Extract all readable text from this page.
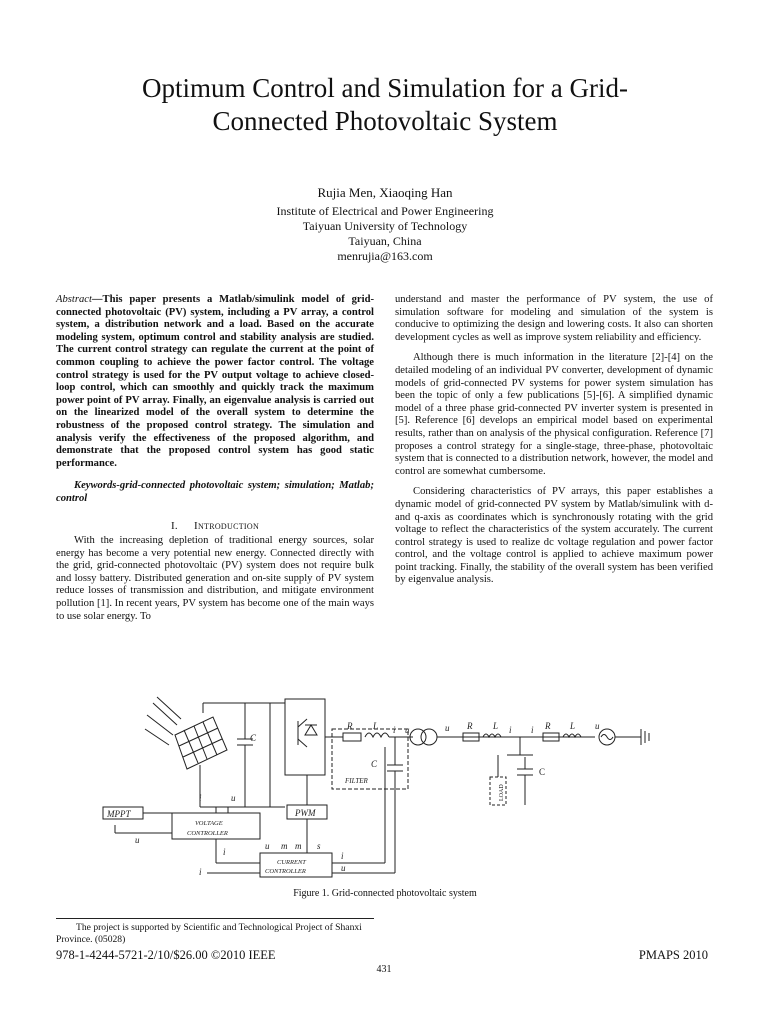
Optimum Control and Simulation for a Grid-
Connected Photovoltaic System
Rujia Men, Xiaoqing Han
Institute of Electrical and Power Engineering
Taiyuan University of Technology
Taiyuan, China
menrujia@163.com

Abstract—This paper presents a Matlab/simulink model of grid-connected photovoltaic (PV) system, including a PV array, a control system, a distribution network and a load. Based on the accurate modeling system, optimum control and stability analysis are studied. The current control strategy can regulate the current at the point of common coupling to achieve the power factor control. The voltage control strategy is used for the PV output voltage to achieve closed-loop control, which can smoothly and quickly track the maximum power point of PV array. Finally, an eigenvalue analysis is carried out on the linearized model of the overall system to determine the robustness of the proposed control strategy. The simulation and analysis verify the effectiveness of the proposed algorithm, and demonstrate that the proposed control system has good static performance.

Keywords-grid-connected photovoltaic system; simulation; Matlab; control

I. Introduction

With the increasing depletion of traditional energy sources, solar energy has become a very potential new energy. Connected directly with the grid, grid-connected photovoltaic (PV) system does not require bulk and lossy battery. Distributed generation and on-site supply of PV system reduce losses of transmission and distribution, and mitigate environment pollution [1]. In recent years, PV system has become one of the main ways to use solar energy. To

understand and master the performance of PV system, the use of simulation software for modeling and simulation of the system is conducive to optimizing the design and lowering costs. It also can shorten development cycles as well as improve system reliability and efficiency.

Although there is much information in the literature [2]-[4] on the detailed modeling of an individual PV converter, development of dynamic models of grid-connected PV systems for power system simulation has been the topic of only a few publications [5]-[6]. A simplified dynamic model of a three phase grid-connected PV inverter system is presented in [5]. Reference [6] develops an empirical model based on experimental results, rather than on analysis of the physical configuration. Reference [7] proposes a control strategy for a single-stage, three-phase, photovoltaic system that is connected to a distribution network, however, the model and control are somewhat cumbersome.

Considering characteristics of PV arrays, this paper establishes a dynamic model of grid-connected PV system by Matlab/simulink with d- and q-axis as coordinates which is synchronously rotating with the grid voltage to reflect the characteristics of the system accurately. The current control strategy is used to realize dc voltage regulation and power factor control, and the voltage control is applied to achieve maximum power point tracking. Finally, the stability of the overall system has been verified by eigenvalue analysis.

C
R L i u
FILTER
C
u R L i i R L u
C
LOAD
MPPT
i	u
VOLTAGE
CONTROLLER
u
PWM
i
i
CURRENT
CONTROLLER
u m m s
i
u
Figure 1. Grid-connected photovoltaic system
The project is supported by Scientific and Technological Project of Shanxi Province. (05028)
978-1-4244-5721-2/10/$26.00 ©2010 IEEE	PMAPS 2010
431
